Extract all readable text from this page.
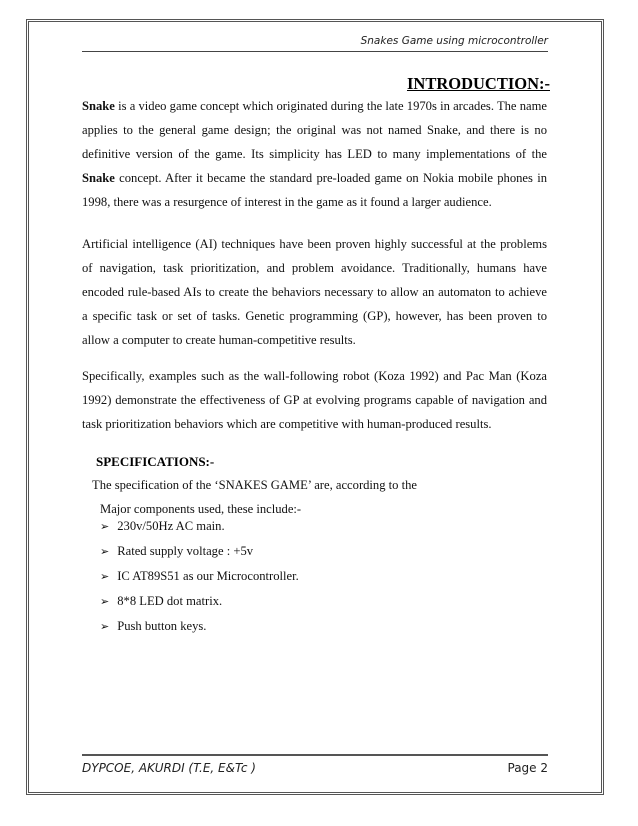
Snakes Game using microcontroller
INTRODUCTION:-

Snake is a video game concept which originated during the late 1970s in arcades. The name applies to the general game design; the original was not named Snake, and there is no definitive version of the game. Its simplicity has LED to many implementations of the Snake concept. After it became the standard pre-loaded game on Nokia mobile phones in 1998, there was a resurgence of interest in the game as it found a larger audience.

Artificial intelligence (AI) techniques have been proven highly successful at the problems of navigation, task prioritization, and problem avoidance. Traditionally, humans have encoded rule-based AIs to create the behaviors necessary to allow an automaton to achieve a specific task or set of tasks. Genetic programming (GP), however, has been proven to allow a computer to create human-competitive results.

Specifically, examples such as the wall-following robot (Koza 1992) and Pac Man (Koza 1992) demonstrate the effectiveness of GP at evolving programs capable of navigation and task prioritization behaviors which are competitive with human-produced results.

SPECIFICATIONS:-
The specification of the ‘SNAKES GAME’ are, according to the
Major components used, these include:-
➢ 230v/50Hz AC main.
➢ Rated supply voltage : +5v
➢ IC AT89S51 as our Microcontroller.
➢ 8*8 LED dot matrix.
➢ Push button keys.
DYPCOE, AKURDI (T.E, E&Tc )	Page 2
